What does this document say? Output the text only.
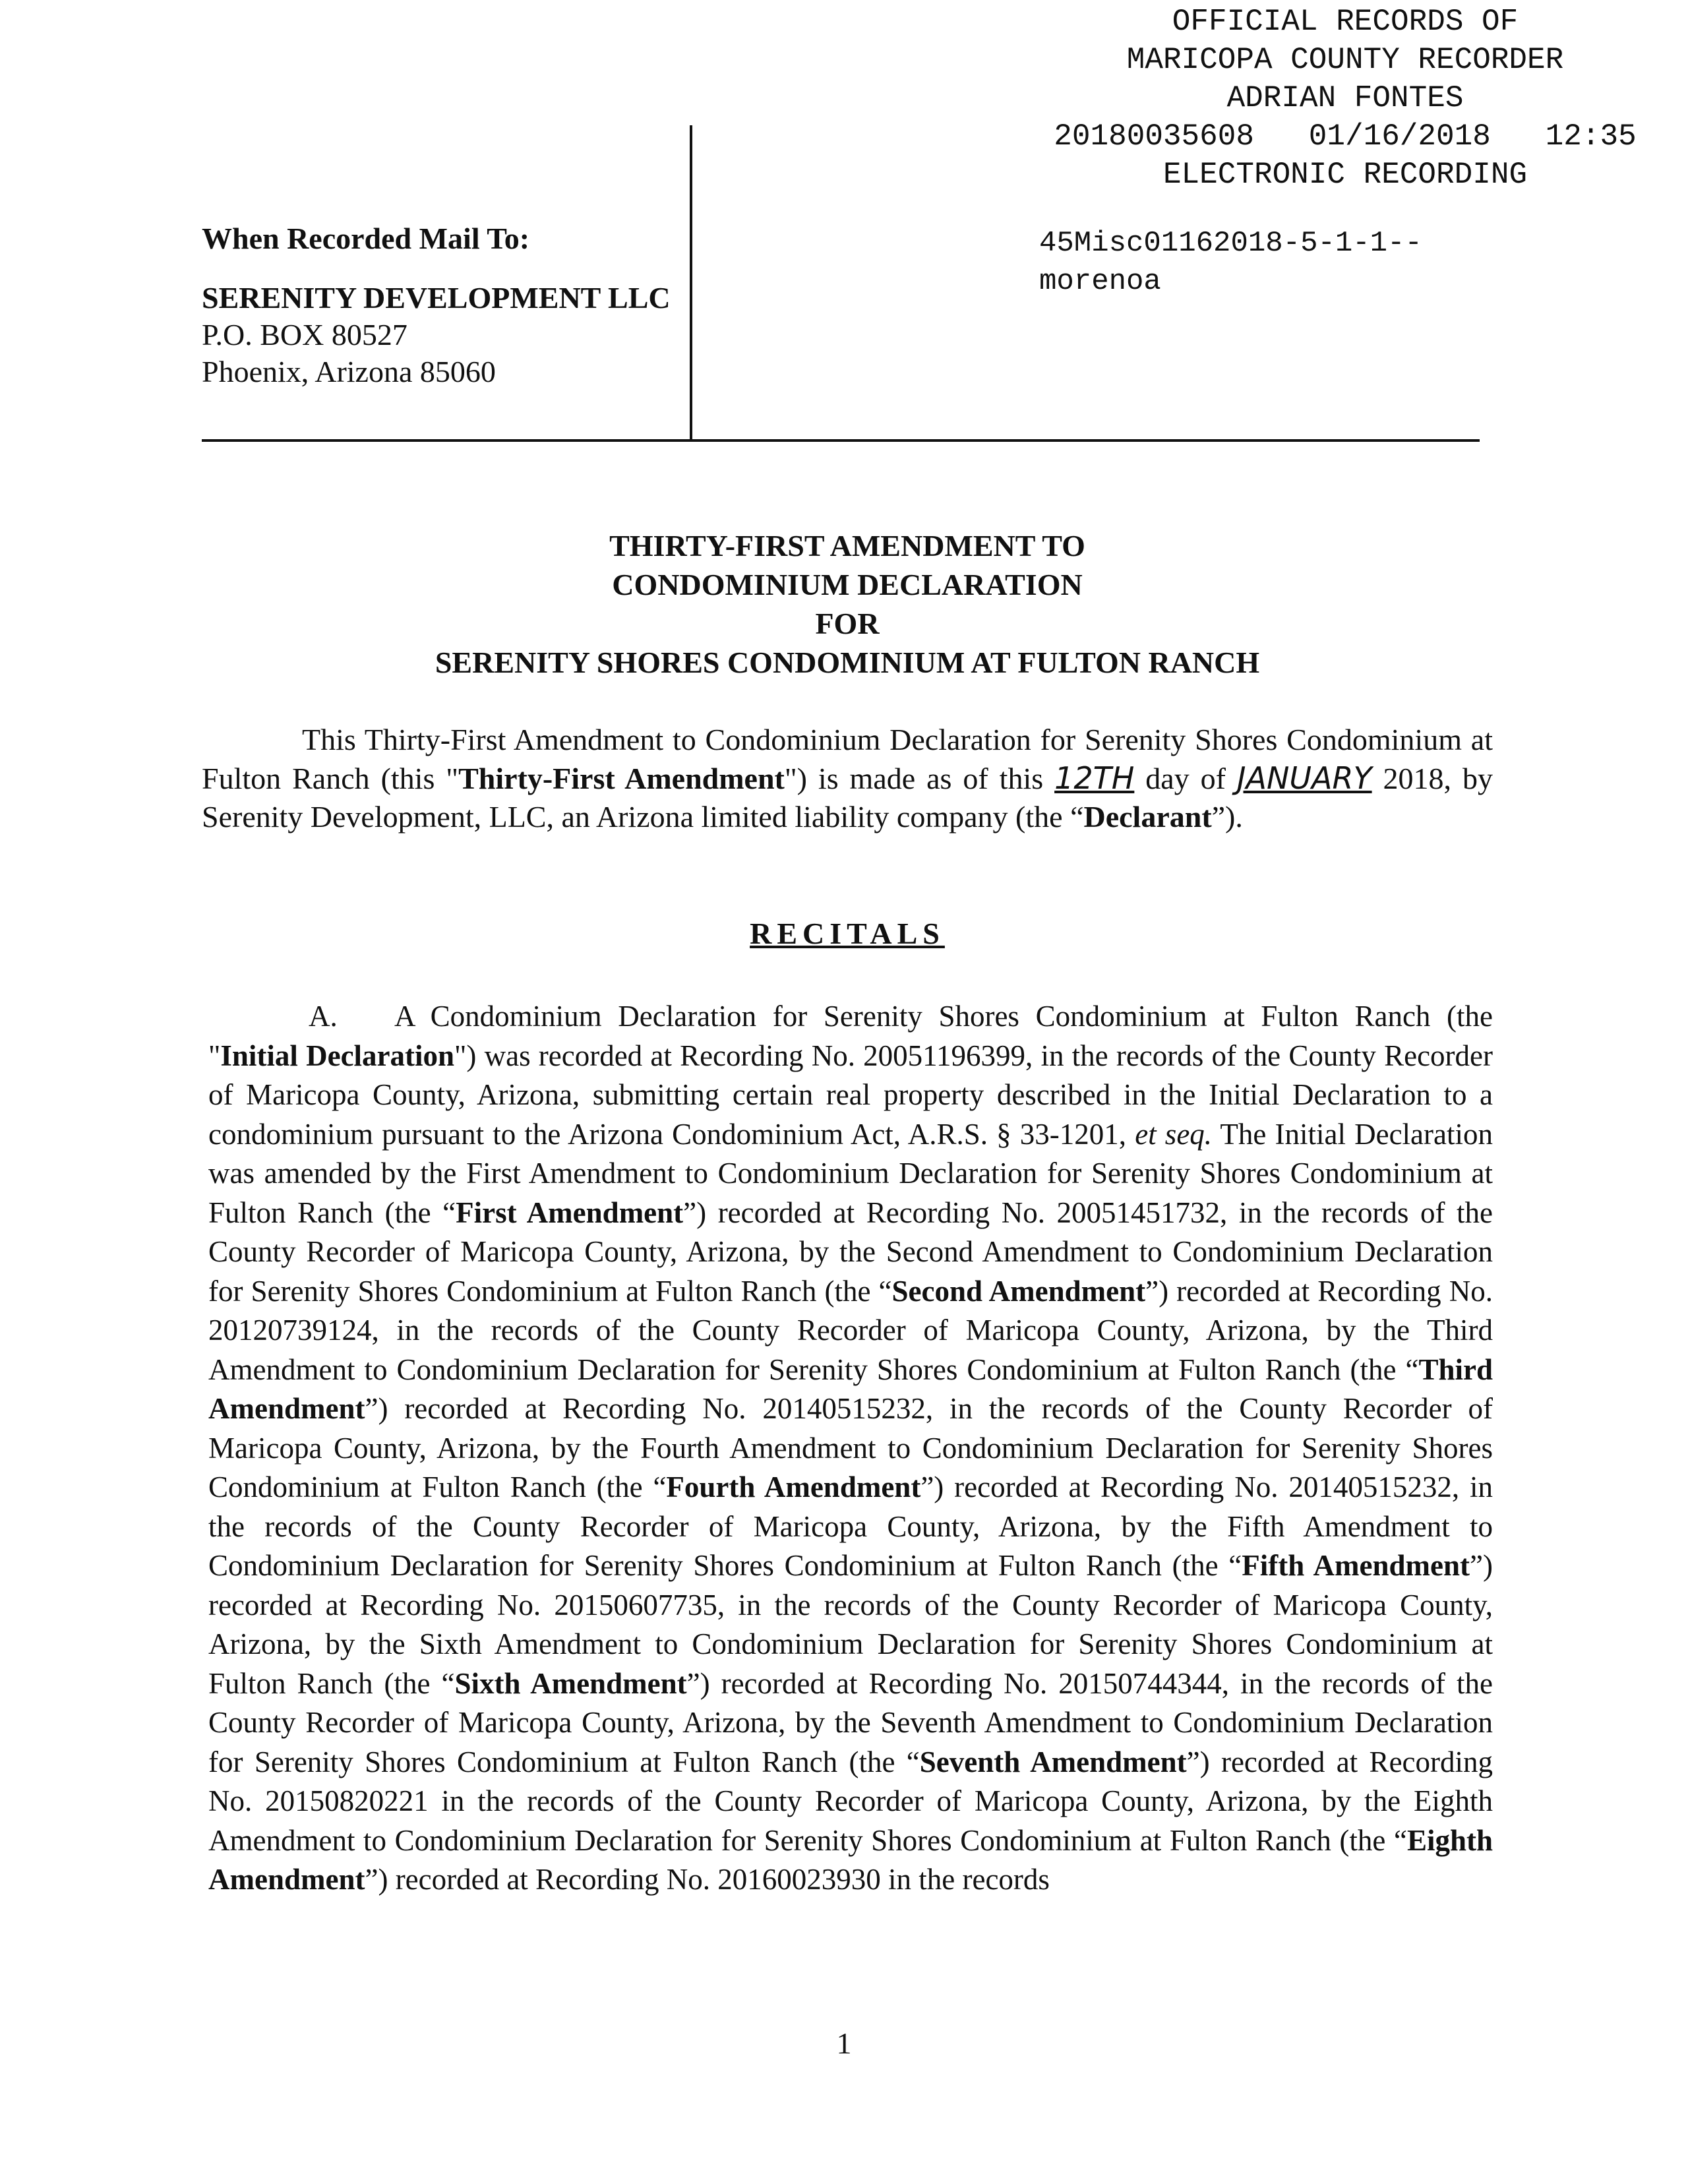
OFFICIAL RECORDS OF
MARICOPA COUNTY RECORDER
ADRIAN FONTES
20180035608 01/16/2018 12:35
ELECTRONIC RECORDING
When Recorded Mail To:
SERENITY DEVELOPMENT LLC
P.O. BOX 80527
Phoenix, Arizona 85060
45Misc01162018-5-1-1--
morenoa
THIRTY-FIRST AMENDMENT TO
CONDOMINIUM DECLARATION
FOR
SERENITY SHORES CONDOMINIUM AT FULTON RANCH

This Thirty-First Amendment to Condominium Declaration for Serenity Shores Condominium at Fulton Ranch (this "Thirty-First Amendment") is made as of this 12TH day of JANUARY 2018, by Serenity Development, LLC, an Arizona limited liability company (the “Declarant”).

RECITALS

A. A Condominium Declaration for Serenity Shores Condominium at Fulton Ranch (the "Initial Declaration") was recorded at Recording No. 20051196399, in the records of the County Recorder of Maricopa County, Arizona, submitting certain real property described in the Initial Declaration to a condominium pursuant to the Arizona Condominium Act, A.R.S. § 33-1201, et seq. The Initial Declaration was amended by the First Amendment to Condominium Declaration for Serenity Shores Condominium at Fulton Ranch (the “First Amendment”) recorded at Recording No. 20051451732, in the records of the County Recorder of Maricopa County, Arizona, by the Second Amendment to Condominium Declaration for Serenity Shores Condominium at Fulton Ranch (the “Second Amendment”) recorded at Recording No. 20120739124, in the records of the County Recorder of Maricopa County, Arizona, by the Third Amendment to Condominium Declaration for Serenity Shores Condominium at Fulton Ranch (the “Third Amendment”) recorded at Recording No. 20140515232, in the records of the County Recorder of Maricopa County, Arizona, by the Fourth Amendment to Condominium Declaration for Serenity Shores Condominium at Fulton Ranch (the “Fourth Amendment”) recorded at Recording No. 20140515232, in the records of the County Recorder of Maricopa County, Arizona, by the Fifth Amendment to Condominium Declaration for Serenity Shores Condominium at Fulton Ranch (the “Fifth Amendment”) recorded at Recording No. 20150607735, in the records of the County Recorder of Maricopa County, Arizona, by the Sixth Amendment to Condominium Declaration for Serenity Shores Condominium at Fulton Ranch (the “Sixth Amendment”) recorded at Recording No. 20150744344, in the records of the County Recorder of Maricopa County, Arizona, by the Seventh Amendment to Condominium Declaration for Serenity Shores Condominium at Fulton Ranch (the “Seventh Amendment”) recorded at Recording No. 20150820221 in the records of the County Recorder of Maricopa County, Arizona, by the Eighth Amendment to Condominium Declaration for Serenity Shores Condominium at Fulton Ranch (the “Eighth Amendment”) recorded at Recording No. 20160023930 in the records

1
